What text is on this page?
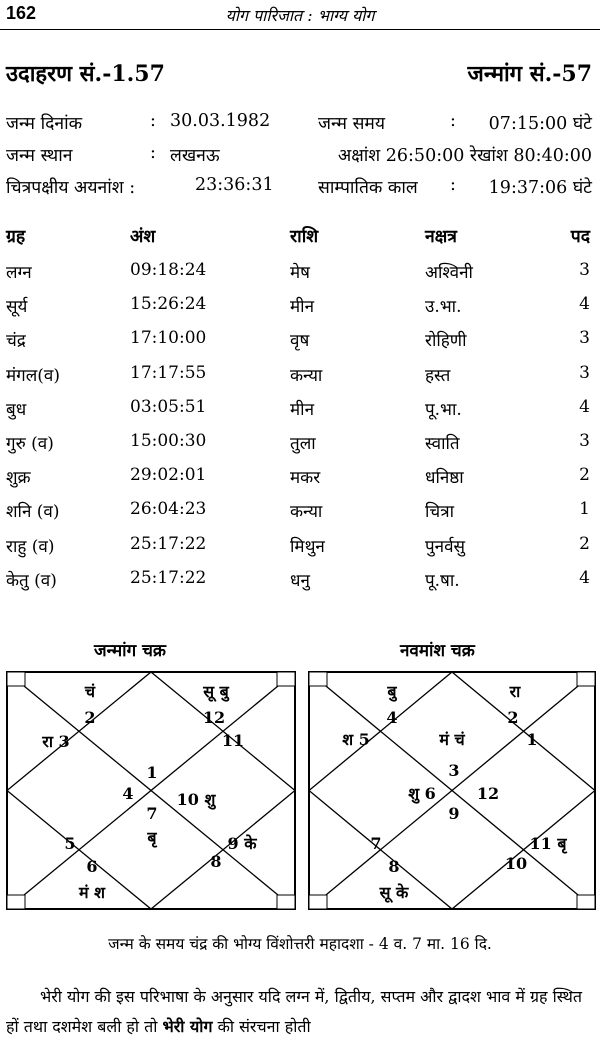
162	योग पारिजात : भाग्य योग
उदाहरण सं.-1.57	जन्मांग सं.-57
जन्म दिनांक	: 30.03.1982	जन्म समय	: 07:15:00 घंटे
जन्म स्थान	: लखनऊ	अक्षांश 26:50:00 रेखांश 80:40:00
चित्रपक्षीय अयनांश :	23:36:31	साम्पातिक काल : 19:37:06 घंटे
ग्रह	अंश	राशि	नक्षत्र	पद
लग्न	09:18:24	मेष	अश्विनी	3
सूर्य	15:26:24	मीन	उ.भा.	4
चंद्र	17:10:00	वृष	रोहिणी	3
मंगल(व)	17:17:55	कन्या	हस्त	3
बुध	03:05:51	मीन	पू.भा.	4
गुरु (व)	15:00:30	तुला	स्वाति	3
शुक्र	29:02:01	मकर	धनिष्ठा	2
शनि (व)	26:04:23	कन्या	चित्रा	1
राहु (व)	25:17:22	मिथुन	पुनर्वसु	2
केतु (व)	25:17:22	धनु	पू.षा.	4
जन्मांग चक्र	नवमांश चक्र
चं
2
सू बु
12
रा 3	11
1
4	10 शु
7
बृ
5	9 के
6	8
मं श
बु
4
रा
2
श 5	मं चं	1
3
शु 6	12
9
7	11 बृ
8	10
सू के
जन्म के समय चंद्र की भोग्य विंशोत्तरी महादशा - 4 व. 7 मा. 16 दि.
भेरी योग की इस परिभाषा के अनुसार यदि लग्न में, द्वितीय, सप्तम और द्वादश भाव में ग्रह स्थित हों तथा दशमेश बली हो तो भेरी योग की संरचना होती
